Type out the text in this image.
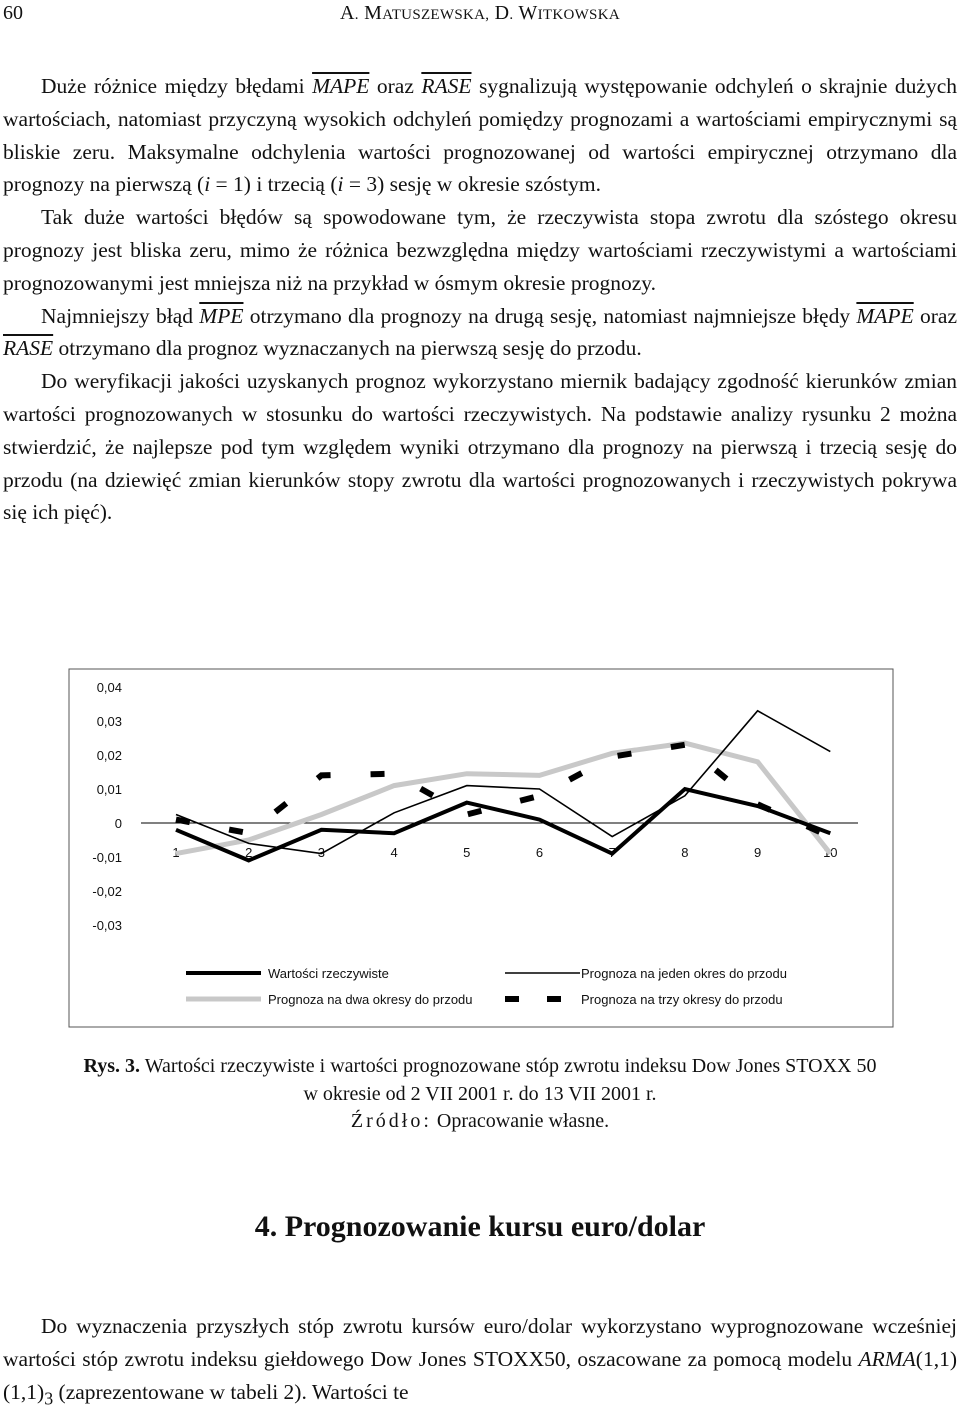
60	A. MATUSZEWSKA, D. WITKOWSKA

Duże różnice między błędami MAPE oraz RASE sygnalizują występowanie odchyleń o skrajnie dużych wartościach, natomiast przyczyną wysokich odchyleń pomiędzy prognozami a wartościami empirycznymi są bliskie zeru. Maksymalne odchylenia wartości prognozowanej od wartości empirycznej otrzymano dla prognozy na pierwszą (i = 1) i trzecią (i = 3) sesję w okresie szóstym.

Tak duże wartości błędów są spowodowane tym, że rzeczywista stopa zwrotu dla szóstego okresu prognozy jest bliska zeru, mimo że różnica bezwzględna między wartościami rzeczywistymi a wartościami prognozowanymi jest mniejsza niż na przykład w ósmym okresie prognozy.

Najmniejszy błąd $\overline{MPE}$ otrzymano dla prognozy na drugą sesję, natomiast najmniejsze błędy MAPE oraz RASE otrzymano dla prognoz wyznaczanych na pierwszą sesję do przodu.

Do weryfikacji jakości uzyskanych prognoz wykorzystano miernik badający zgodność kierunków zmian wartości prognozowanych w stosunku do wartości rzeczywistych. Na podstawie analizy rysunku 2 można stwierdzić, że najlepsze pod tym względem wyniki otrzymano dla prognozy na pierwszą i trzecią sesję do przodu (na dziewięć zmian kierunków stopy zwrotu dla wartości prognozowanych i rzeczywistych pokrywa się ich pięć).

0,04
0,03
0,02
0,01
0
-0,01
-0,02
-0,03
1	2	3	4	5	6	7	8	9	10
Wartości rzeczywiste	Prognoza na jeden okres do przodu
Prognoza na dwa okresy do przodu	Prognoza na trzy okresy do przodu
Rys. 3. Wartości rzeczywiste i wartości prognozowane stóp zwrotu indeksu Dow Jones STOXX 50
w okresie od 2 VII 2001 r. do 13 VII 2001 r.
Źródło: Opracowanie własne.
4. Prognozowanie kursu euro/dolar

Do wyznaczenia przyszłych stóp zwrotu kursów euro/dolar wykorzystano wyprognozowane wcześniej wartości stóp zwrotu indeksu giełdowego Dow Jones STOXX50, oszacowane za pomocą modelu $ARMA(1,1)(1,1)_3$ (zaprezentowane w tabeli 2). Wartości te
